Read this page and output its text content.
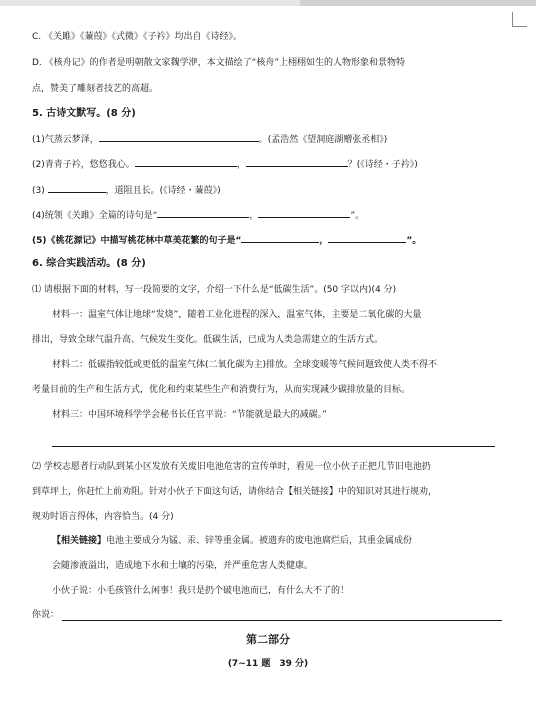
C. 《关雎》《蒹葭》《式微》《子衿》均出自《诗经》。
D. 《核舟记》的作者是明朝散文家魏学洢，本文描绘了“核舟”上栩栩如生的人物形象和景物特
点，赞美了雕刻者技艺的高超。
5. 古诗文默写。(8 分)
(1)气蒸云梦泽，	。(孟浩然《望洞庭湖赠张丞相》)
(2)青青子衿，悠悠我心。	，	？(《诗经・子衿》)
(3)	，道阻且长。(《诗经・蒹葭》)
(4)统领《关雎》全篇的诗句是“	，	”。
(5)《桃花源记》中描写桃花林中草美花繁的句子是“	，	”。
6. 综合实践活动。(8 分)
⑴ 请根据下面的材料，写一段简要的文字，介绍一下什么是“低碳生活”。(50 字以内)(4 分)
材料一：温室气体让地球“发烧”，随着工业化进程的深入，温室气体，主要是二氧化碳的大量
排出，导致全球气温升高、气候发生变化。低碳生活，已成为人类急需建立的生活方式。
材料二：低碳指较低或更低的温室气体(二氧化碳为主)排放。全球变暖等气候问题致使人类不得不
考量目前的生产和生活方式，优化和约束某些生产和消费行为，从而实现减少碳排放量的目标。
材料三：中国环境科学学会秘书长任官平说：“节能就是最大的减碳。”
⑵ 学校志愿者行动队到某小区发放有关废旧电池危害的宣传单时，看见一位小伙子正把几节旧电池扔
到草坪上，你赶忙上前劝阻。针对小伙子下面这句话，请你结合【相关链接】中的知识对其进行规劝，
规劝时语言得体，内容恰当。(4 分)
【相关链接】电池主要成分为锰、汞、锌等重金属。被遗弃的废电池腐烂后，其重金属成份
会随渗液溢出，造成地下水和土壤的污染，并严重危害人类健康。
小伙子说：小毛孩管什么闲事！我只是扔个破电池而已，有什么大不了的！
你说：
第二部分
(7~11 题　39 分)
